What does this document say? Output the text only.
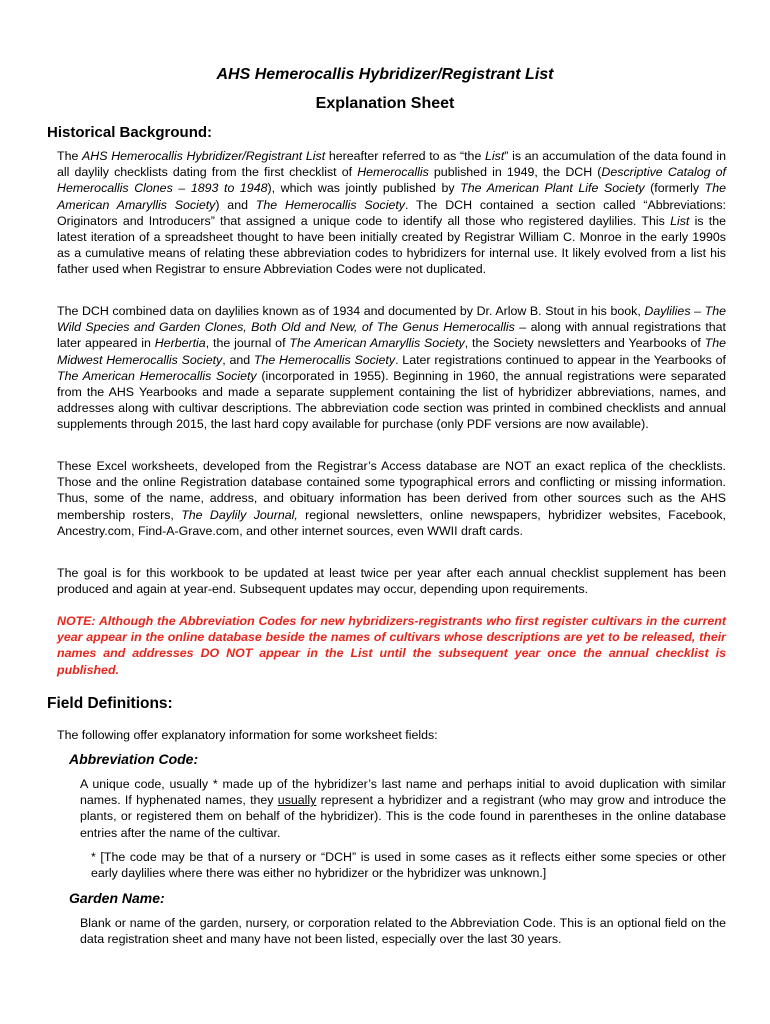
AHS Hemerocallis Hybridizer/Registrant List
Explanation Sheet
Historical Background:
The AHS Hemerocallis Hybridizer/Registrant List hereafter referred to as “the List” is an accumulation of the data found in all daylily checklists dating from the first checklist of Hemerocallis published in 1949, the DCH (Descriptive Catalog of Hemerocallis Clones – 1893 to 1948), which was jointly published by The American Plant Life Society (formerly The American Amaryllis Society) and The Hemerocallis Society. The DCH contained a section called “Abbreviations: Originators and Introducers” that assigned a unique code to identify all those who registered daylilies. This List is the latest iteration of a spreadsheet thought to have been initially created by Registrar William C. Monroe in the early 1990s as a cumulative means of relating these abbreviation codes to hybridizers for internal use. It likely evolved from a list his father used when Registrar to ensure Abbreviation Codes were not duplicated.
The DCH combined data on daylilies known as of 1934 and documented by Dr. Arlow B. Stout in his book, Daylilies – The Wild Species and Garden Clones, Both Old and New, of The Genus Hemerocallis – along with annual registrations that later appeared in Herbertia, the journal of The American Amaryllis Society, the Society newsletters and Yearbooks of The Midwest Hemerocallis Society, and The Hemerocallis Society. Later registrations continued to appear in the Yearbooks of The American Hemerocallis Society (incorporated in 1955). Beginning in 1960, the annual registrations were separated from the AHS Yearbooks and made a separate supplement containing the list of hybridizer abbreviations, names, and addresses along with cultivar descriptions. The abbreviation code section was printed in combined checklists and annual supplements through 2015, the last hard copy available for purchase (only PDF versions are now available).
These Excel worksheets, developed from the Registrar’s Access database are NOT an exact replica of the checklists. Those and the online Registration database contained some typographical errors and conflicting or missing information. Thus, some of the name, address, and obituary information has been derived from other sources such as the AHS membership rosters, The Daylily Journal, regional newsletters, online newspapers, hybridizer websites, Facebook, Ancestry.com, Find-A-Grave.com, and other internet sources, even WWII draft cards.
The goal is for this workbook to be updated at least twice per year after each annual checklist supplement has been produced and again at year-end. Subsequent updates may occur, depending upon requirements.
NOTE: Although the Abbreviation Codes for new hybridizers-registrants who first register cultivars in the current year appear in the online database beside the names of cultivars whose descriptions are yet to be released, their names and addresses DO NOT appear in the List until the subsequent year once the annual checklist is published.
Field Definitions:
The following offer explanatory information for some worksheet fields:
Abbreviation Code:
A unique code, usually * made up of the hybridizer’s last name and perhaps initial to avoid duplication with similar names. If hyphenated names, they usually represent a hybridizer and a registrant (who may grow and introduce the plants, or registered them on behalf of the hybridizer). This is the code found in parentheses in the online database entries after the name of the cultivar.
* [The code may be that of a nursery or “DCH” is used in some cases as it reflects either some species or other early daylilies where there was either no hybridizer or the hybridizer was unknown.]
Garden Name:
Blank or name of the garden, nursery, or corporation related to the Abbreviation Code. This is an optional field on the data registration sheet and many have not been listed, especially over the last 30 years.
